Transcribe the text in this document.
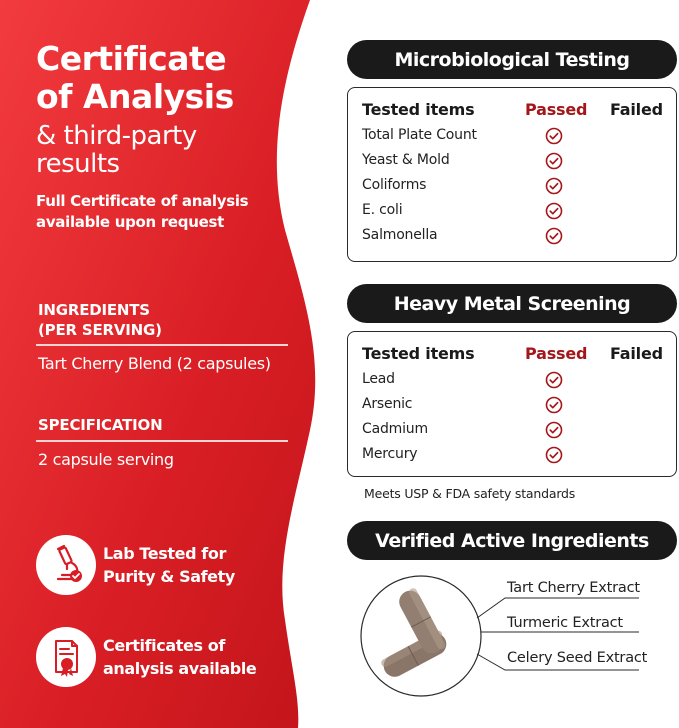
Certificate
of Analysis
& third-party
results
Full Certificate of analysis available upon request
INGREDIENTS
(PER SERVING)
Tart Cherry Blend (2 capsules)
SPECIFICATION
2 capsule serving
Lab Tested for
Purity & Safety
Certificates of
analysis available
Microbiological Testing
Tested items	Passed Failed
Total Plate Count
Yeast & Mold
Coliforms
E. coli
Salmonella
Heavy Metal Screening
Tested items	Passed Failed
Lead
Arsenic
Cadmium
Mercury
Meets USP & FDA safety standards
Verified Active Ingredients
Tart Cherry Extract
Turmeric Extract
Celery Seed Extract
